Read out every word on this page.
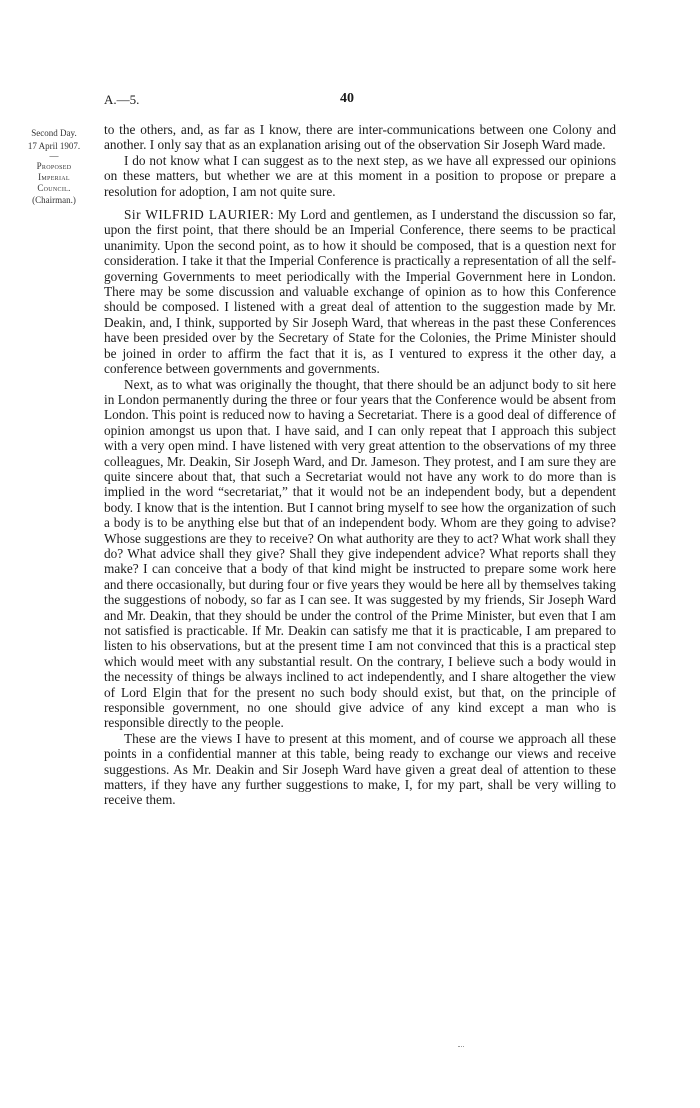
A.—5.	40
Second Day.
17 April 1907.
—
Proposed
Imperial
Council.
(Chairman.)

to the others, and, as far as I know, there are inter-communications between one Colony and another. I only say that as an explanation arising out of the observation Sir Joseph Ward made.

I do not know what I can suggest as to the next step, as we have all expressed our opinions on these matters, but whether we are at this moment in a position to propose or prepare a resolution for adoption, I am not quite sure.

Sir WILFRID LAURIER: My Lord and gentlemen, as I understand the discussion so far, upon the first point, that there should be an Imperial Conference, there seems to be practical unanimity. Upon the second point, as to how it should be composed, that is a question next for consideration. I take it that the Imperial Conference is practically a representation of all the self-governing Governments to meet periodically with the Imperial Government here in London. There may be some discussion and valuable exchange of opinion as to how this Conference should be composed. I listened with a great deal of attention to the suggestion made by Mr. Deakin, and, I think, supported by Sir Joseph Ward, that whereas in the past these Conferences have been presided over by the Secretary of State for the Colonies, the Prime Minister should be joined in order to affirm the fact that it is, as I ventured to express it the other day, a conference between governments and governments.

Next, as to what was originally the thought, that there should be an adjunct body to sit here in London permanently during the three or four years that the Conference would be absent from London. This point is reduced now to having a Secretariat. There is a good deal of difference of opinion amongst us upon that. I have said, and I can only repeat that I approach this subject with a very open mind. I have listened with very great attention to the observations of my three colleagues, Mr. Deakin, Sir Joseph Ward, and Dr. Jameson. They protest, and I am sure they are quite sincere about that, that such a Secretariat would not have any work to do more than is implied in the word “secretariat,” that it would not be an independent body, but a dependent body. I know that is the intention. But I cannot bring myself to see how the organization of such a body is to be anything else but that of an independent body. Whom are they going to advise? Whose suggestions are they to receive? On what authority are they to act? What work shall they do? What advice shall they give? Shall they give independent advice? What reports shall they make? I can conceive that a body of that kind might be instructed to prepare some work here and there occasionally, but during four or five years they would be here all by themselves taking the suggestions of nobody, so far as I can see. It was suggested by my friends, Sir Joseph Ward and Mr. Deakin, that they should be under the control of the Prime Minister, but even that I am not satisfied is practicable. If Mr. Deakin can satisfy me that it is practicable, I am prepared to listen to his observations, but at the present time I am not convinced that this is a practical step which would meet with any substantial result. On the contrary, I believe such a body would in the necessity of things be always inclined to act independently, and I share altogether the view of Lord Elgin that for the present no such body should exist, but that, on the principle of responsible government, no one should give advice of any kind except a man who is responsible directly to the people.

These are the views I have to present at this moment, and of course we approach all these points in a confidential manner at this table, being ready to exchange our views and receive suggestions. As Mr. Deakin and Sir Joseph Ward have given a great deal of attention to these matters, if they have any further suggestions to make, I, for my part, shall be very willing to receive them.
